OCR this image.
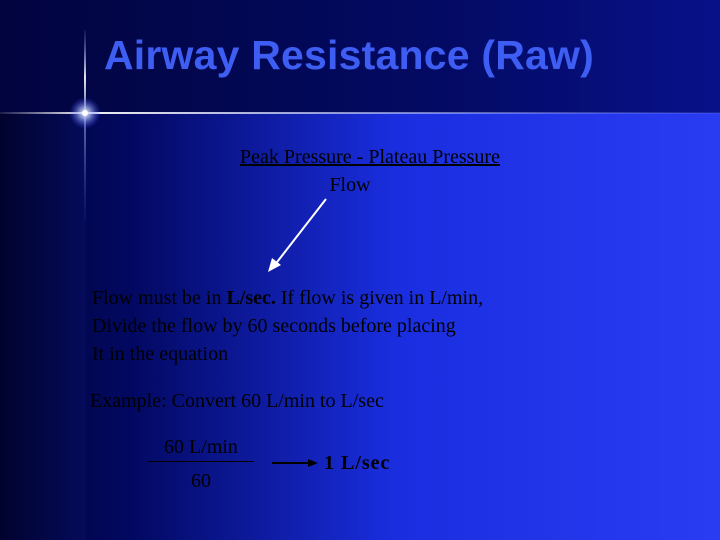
Airway Resistance (Raw)
Peak Pressure - Plateau Pressure
Flow
Flow must be in L/sec. If flow is given in L/min,
Divide the flow by 60 seconds before placing
It in the equation
Example: Convert 60 L/min to L/sec
60 L/min
60
1 L/sec
